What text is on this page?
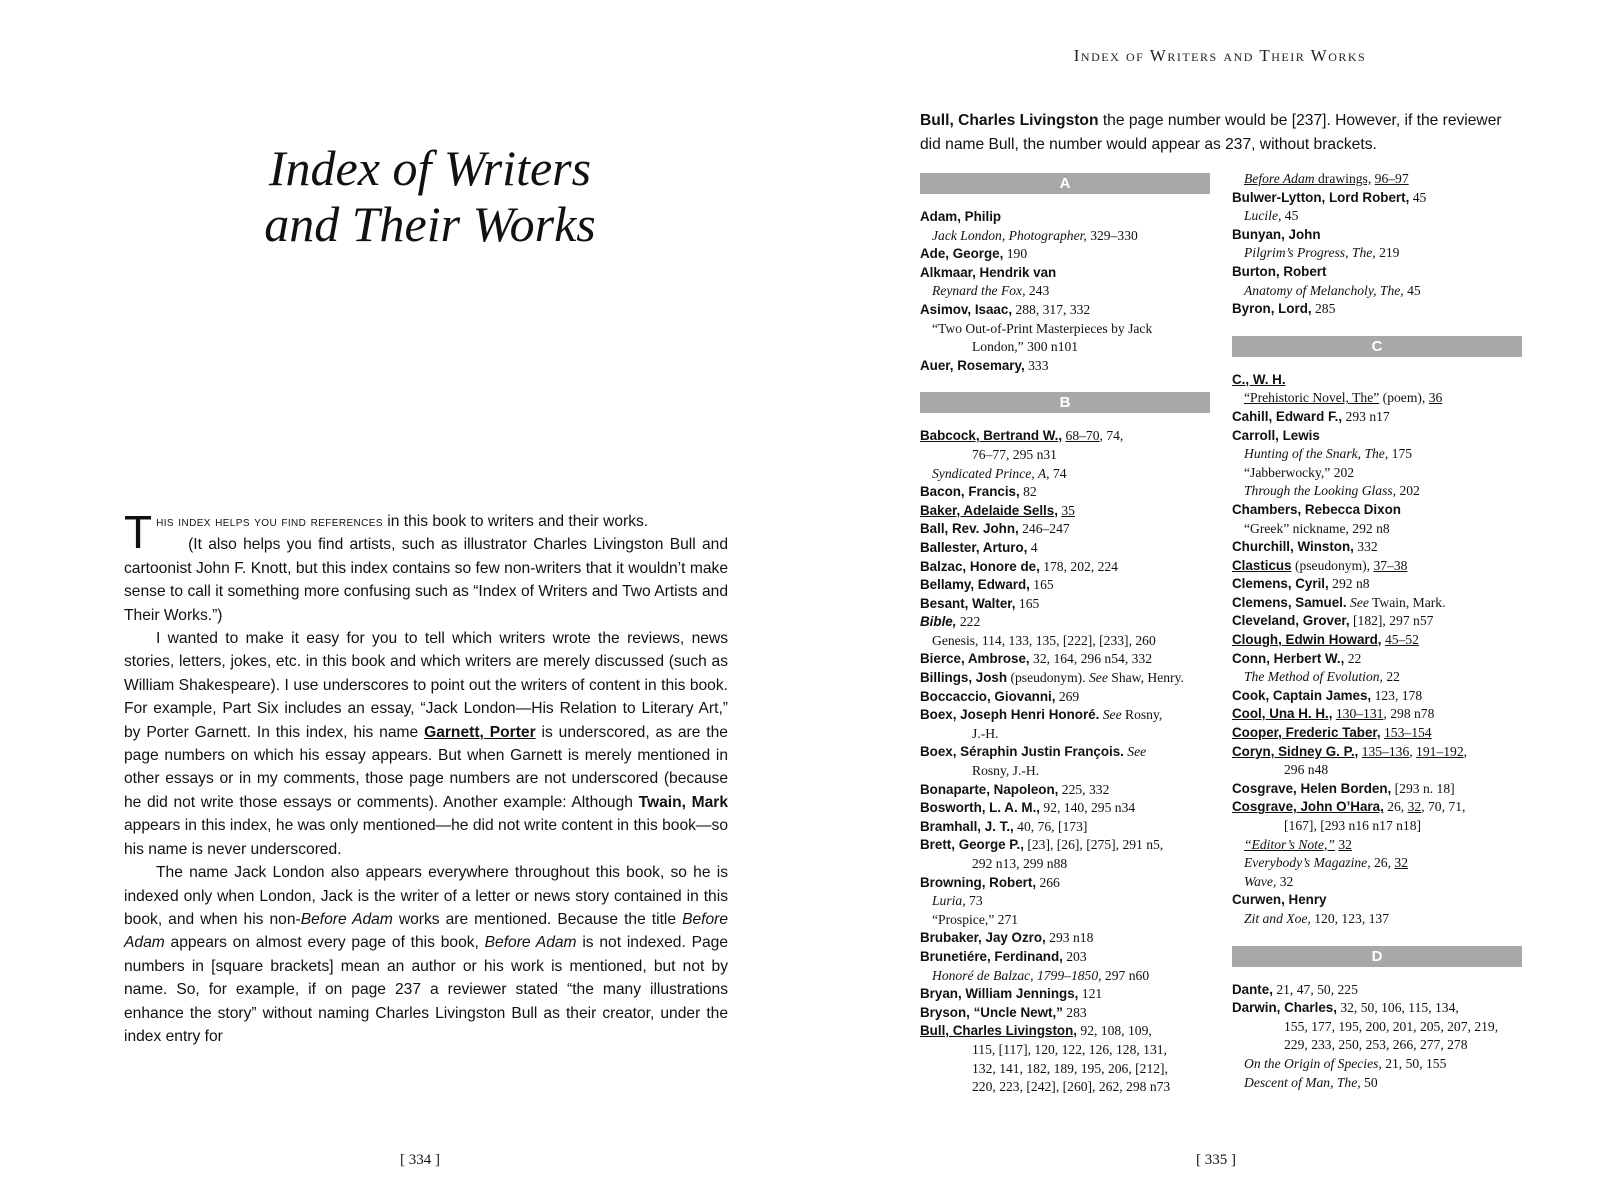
Index of Writers and Their Works
Index of Writers
and Their Works

This index helps you find references in this book to writers and their works.

(It also helps you find artists, such as illustrator Charles Livingston Bull and cartoonist John F. Knott, but this index contains so few non-writers that it wouldn’t make sense to call it something more confusing such as “Index of Writers and Two Artists and Their Works.”)

I wanted to make it easy for you to tell which writers wrote the reviews, news stories, letters, jokes, etc. in this book and which writers are merely discussed (such as William Shakespeare). I use underscores to point out the writers of content in this book. For example, Part Six includes an essay, “Jack London—His Relation to Literary Art,” by Porter Garnett. In this index, his name Garnett, Porter is underscored, as are the page numbers on which his essay appears. But when Garnett is merely mentioned in other essays or in my comments, those page numbers are not underscored (because he did not write those essays or comments). Another example: Although Twain, Mark appears in this index, he was only mentioned—he did not write content in this book—so his name is never underscored.

The name Jack London also appears everywhere throughout this book, so he is indexed only when London, Jack is the writer of a letter or news story contained in this book, and when his non-Before Adam works are mentioned. Because the title Before Adam appears on almost every page of this book, Before Adam is not indexed. Page numbers in [square brackets] mean an author or his work is mentioned, but not by name. So, for example, if on page 237 a reviewer stated “the many illustrations enhance the story” without naming Charles Livingston Bull as their creator, under the index entry for

[ 334 ]
Bull, Charles Livingston the page number would be [237]. However, if the reviewer did name Bull, the number would appear as 237, without brackets.
A
Adam, Philip
Jack London, Photographer, 329–330
Ade, George, 190
Alkmaar, Hendrik van
Reynard the Fox, 243
Asimov, Isaac, 288, 317, 332
“Two Out-of-Print Masterpieces by Jack
London,” 300 n101
Auer, Rosemary, 333
B
Babcock, Bertrand W., 68–70, 74,
76–77, 295 n31
Syndicated Prince, A, 74
Bacon, Francis, 82
Baker, Adelaide Sells, 35
Ball, Rev. John, 246–247
Ballester, Arturo, 4
Balzac, Honore de, 178, 202, 224
Bellamy, Edward, 165
Besant, Walter, 165
Bible, 222
Genesis, 114, 133, 135, [222], [233], 260
Bierce, Ambrose, 32, 164, 296 n54, 332
Billings, Josh (pseudonym). See Shaw, Henry.
Boccaccio, Giovanni, 269
Boex, Joseph Henri Honoré. See Rosny,
J.-H.
Boex, Séraphin Justin François. See
Rosny, J.-H.
Bonaparte, Napoleon, 225, 332
Bosworth, L. A. M., 92, 140, 295 n34
Bramhall, J. T., 40, 76, [173]
Brett, George P., [23], [26], [275], 291 n5,
292 n13, 299 n88
Browning, Robert, 266
Luria, 73
“Prospice,” 271
Brubaker, Jay Ozro, 293 n18
Brunetiére, Ferdinand, 203
Honoré de Balzac, 1799–1850, 297 n60
Bryan, William Jennings, 121
Bryson, “Uncle Newt,” 283
Bull, Charles Livingston, 92, 108, 109,
115, [117], 120, 122, 126, 128, 131,
132, 141, 182, 189, 195, 206, [212],
220, 223, [242], [260], 262, 298 n73
Before Adam drawings, 96–97
Bulwer-Lytton, Lord Robert, 45
Lucile, 45
Bunyan, John
Pilgrim’s Progress, The, 219
Burton, Robert
Anatomy of Melancholy, The, 45
Byron, Lord, 285
C
C., W. H.
“Prehistoric Novel, The” (poem), 36
Cahill, Edward F., 293 n17
Carroll, Lewis
Hunting of the Snark, The, 175
“Jabberwocky,” 202
Through the Looking Glass, 202
Chambers, Rebecca Dixon
“Greek” nickname, 292 n8
Churchill, Winston, 332
Clasticus (pseudonym), 37–38
Clemens, Cyril, 292 n8
Clemens, Samuel. See Twain, Mark.
Cleveland, Grover, [182], 297 n57
Clough, Edwin Howard, 45–52
Conn, Herbert W., 22
The Method of Evolution, 22
Cook, Captain James, 123, 178
Cool, Una H. H., 130–131, 298 n78
Cooper, Frederic Taber, 153–154
Coryn, Sidney G. P., 135–136, 191–192,
296 n48
Cosgrave, Helen Borden, [293 n. 18]
Cosgrave, John O’Hara, 26, 32, 70, 71,
[167], [293 n16 n17 n18]
“Editor’s Note,” 32
Everybody’s Magazine, 26, 32
Wave, 32
Curwen, Henry
Zit and Xoe, 120, 123, 137
D
Dante, 21, 47, 50, 225
Darwin, Charles, 32, 50, 106, 115, 134,
155, 177, 195, 200, 201, 205, 207, 219,
229, 233, 250, 253, 266, 277, 278
On the Origin of Species, 21, 50, 155
Descent of Man, The, 50
[ 335 ]
